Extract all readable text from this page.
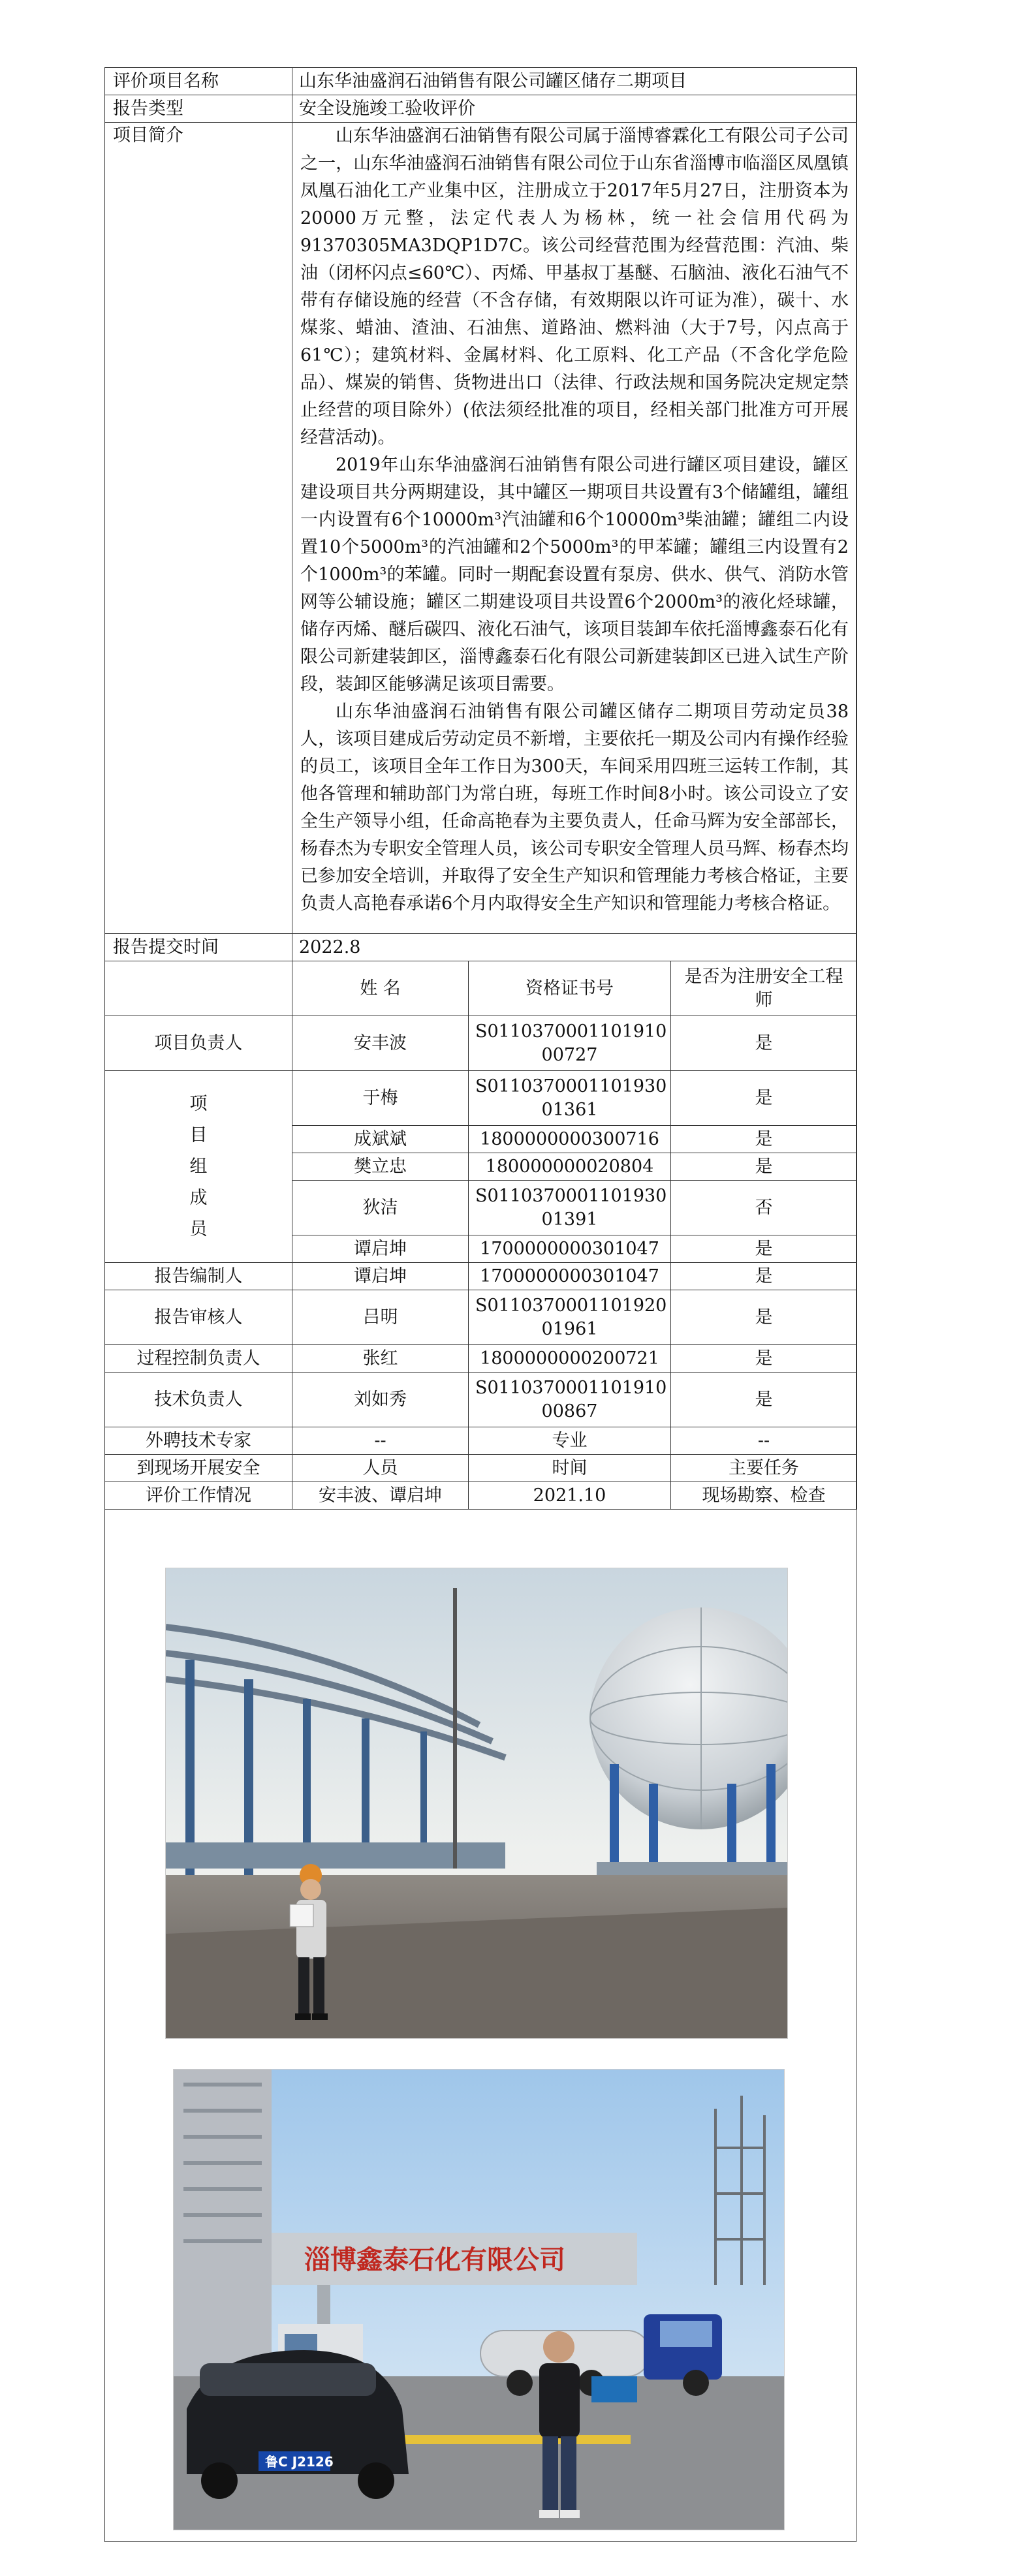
评价项目名称	山东华油盛润石油销售有限公司罐区储存二期项目		
报告类型	安全设施竣工验收评价		
项目简介	山东华油盛润石油销售有限公司属于淄博睿霖化工有限公司子公司之一，山东华油盛润石油销售有限公司位于山东省淄博市临淄区凤凰镇凤凰石油化工产业集中区，注册成立于2017年5月27日，注册资本为20000万元整，法定代表人为杨林，统一社会信用代码为91370305MA3DQP1D7C。该公司经营范围为经营范围：汽油、柴油（闭杯闪点≤60℃）、丙烯、甲基叔丁基醚、石脑油、液化石油气不带有存储设施的经营（不含存储，有效期限以许可证为准），碳十、水煤浆、蜡油、渣油、石油焦、道路油、燃料油（大于7号，闪点高于61℃）；建筑材料、金属材料、化工原料、化工产品（不含化学危险品）、煤炭的销售、货物进出口（法律、行政法规和国务院决定规定禁止经营的项目除外）(依法须经批准的项目，经相关部门批准方可开展经营活动)。

2019年山东华油盛润石油销售有限公司进行罐区项目建设，罐区建设项目共分两期建设，其中罐区一期项目共设置有3个储罐组，罐组一内设置有6个10000m³汽油罐和6个10000m³柴油罐；罐组二内设置10个5000m³的汽油罐和2个5000m³的甲苯罐；罐组三内设置有2个1000m³的苯罐。同时一期配套设置有泵房、供水、供气、消防水管网等公辅设施；罐区二期建设项目共设置6个2000m³的液化烃球罐，储存丙烯、醚后碳四、液化石油气，该项目装卸车依托淄博鑫泰石化有限公司新建装卸区，淄博鑫泰石化有限公司新建装卸区已进入试生产阶段，装卸区能够满足该项目需要。

山东华油盛润石油销售有限公司罐区储存二期项目劳动定员38人，该项目建成后劳动定员不新增，主要依托一期及公司内有操作经验的员工，该项目全年工作日为300天，车间采用四班三运转工作制，其他各管理和辅助部门为常白班，每班工作时间8小时。该公司设立了安全生产领导小组，任命高艳春为主要负责人，任命马辉为安全部部长，杨春杰为专职安全管理人员，该公司专职安全管理人员马辉、杨春杰均已参加安全培训，并取得了安全生产知识和管理能力考核合格证，主要负责人高艳春承诺6个月内取得安全生产知识和管理能力考核合格证。		

报告提交时间	2022.8		
	姓 名	资格证书号	是否为注册安全工程师
项目负责人	安丰波	S0110370001101910 00727	是

项
目
组
成
员	于梅	S0110370001101930 01361	是
	成斌斌	1800000000300716	是
	樊立忠	180000000020804	是
	狄洁	S0110370001101930 01391	否
	谭启坤	1700000000301047	是
报告编制人	谭启坤	1700000000301047	是
报告审核人	吕明	S0110370001101920 01961	是
过程控制负责人	张红	1800000000200721	是
技术负责人	刘如秀	S0110370001101910 00867	是
外聘技术专家	--	专业	--
到现场开展安全	人员	时间	主要任务
评价工作情况	安丰波、谭启坤	2021.10	现场勘察、检查
淄博鑫泰石化有限公司
鲁C J2126
